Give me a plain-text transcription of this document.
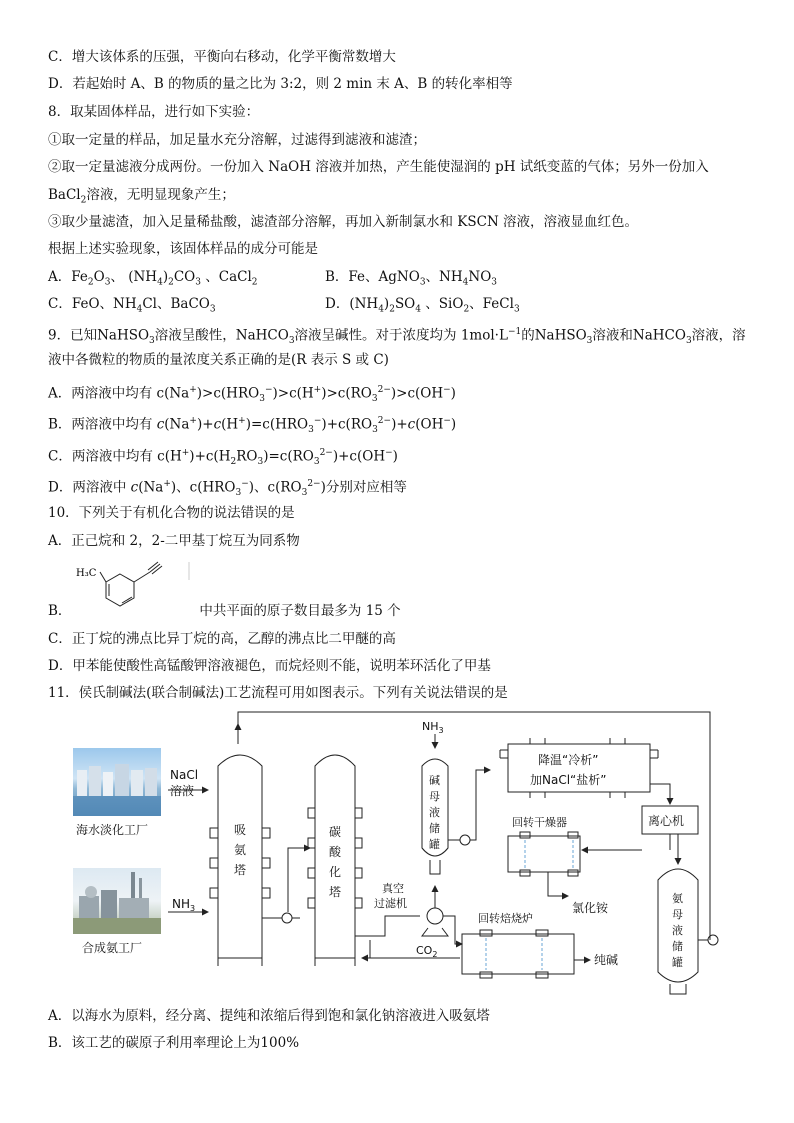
C．增大该体系的压强，平衡向右移动，化学平衡常数增大
D．若起始时 A、B 的物质的量之比为 3:2，则 2 min 末 A、B 的转化率相等
8．取某固体样品，进行如下实验：
①取一定量的样品，加足量水充分溶解，过滤得到滤液和滤渣；
②取一定量滤液分成两份。一份加入 NaOH 溶液并加热，产生能使湿润的 pH 试纸变蓝的气体；另外一份加入
BaCl$_2$溶液，无明显现象产生；
③取少量滤渣，加入足量稀盐酸，滤渣部分溶解，再加入新制氯水和 KSCN 溶液，溶液显血红色。
根据上述实验现象，该固体样品的成分可能是
A．$Fe_2O_3$、 $(NH_4)_2CO_3$ 、CaCl$_2$	B．Fe、AgNO$_3$、$NH_4NO_3$
C．FeO、$NH_4Cl$、BaCO$_3$	D．$(NH_4)_2SO_4$ 、SiO$_2$、FeCl$_3$
9．已知NaHSO$_3$溶液呈酸性，NaHCO$_3$溶液呈碱性。对于浓度均为 $1mol\cdot L^{-1}$的NaHSO$_3$溶液和NaHCO$_3$溶液，溶
液中各微粒的物质的量浓度关系正确的是(R 表示 S 或 C)
A．两溶液中均有 $c(Na^+)>c(HRO_3^-)>c(H^+)>c(RO_3^{2-})>c(OH^-)$
B．两溶液中均有 $c(Na^+)+c(H^+)=c(HRO_3^-)+c(RO_3^{2-})+c(OH^-)$
C．两溶液中均有 $c(H^+)+c(H_2RO_3)=c(RO_3^{2-})+c(OH^-)$
D．两溶液中 c(Na+)、$c(HRO_3^-)$、$c(RO_3^{2-})$分别对应相等
10．下列关于有机化合物的说法错误的是
A．正己烷和 2，2-二甲基丁烷互为同系物
H₃C
B．	中共平面的原子数目最多为 15 个
C．正丁烷的沸点比异丁烷的高，乙醇的沸点比二甲醚的高
D．甲苯能使酸性高锰酸钾溶液褪色，而烷烃则不能，说明苯环活化了甲基
11．侯氏制碱法(联合制碱法)工艺流程可用如图表示。下列有关说法错误的是
海水淡化工厂
合成氨工厂
NaCl
溶液
$NH_3$
$NH_3$
吸
氨
塔
碳
酸
化
塔
碱
母
液
储
罐
氨
母
液
储
罐
降温“冷析”
加NaCl“盐析”
离心机
回转干燥器
氯化铵
真空
过滤机
回转焙烧炉
$CO_2$	纯碱
A．以海水为原料，经分离、提纯和浓缩后得到饱和氯化钠溶液进入吸氨塔
B．该工艺的碳原子利用率理论上为100%
